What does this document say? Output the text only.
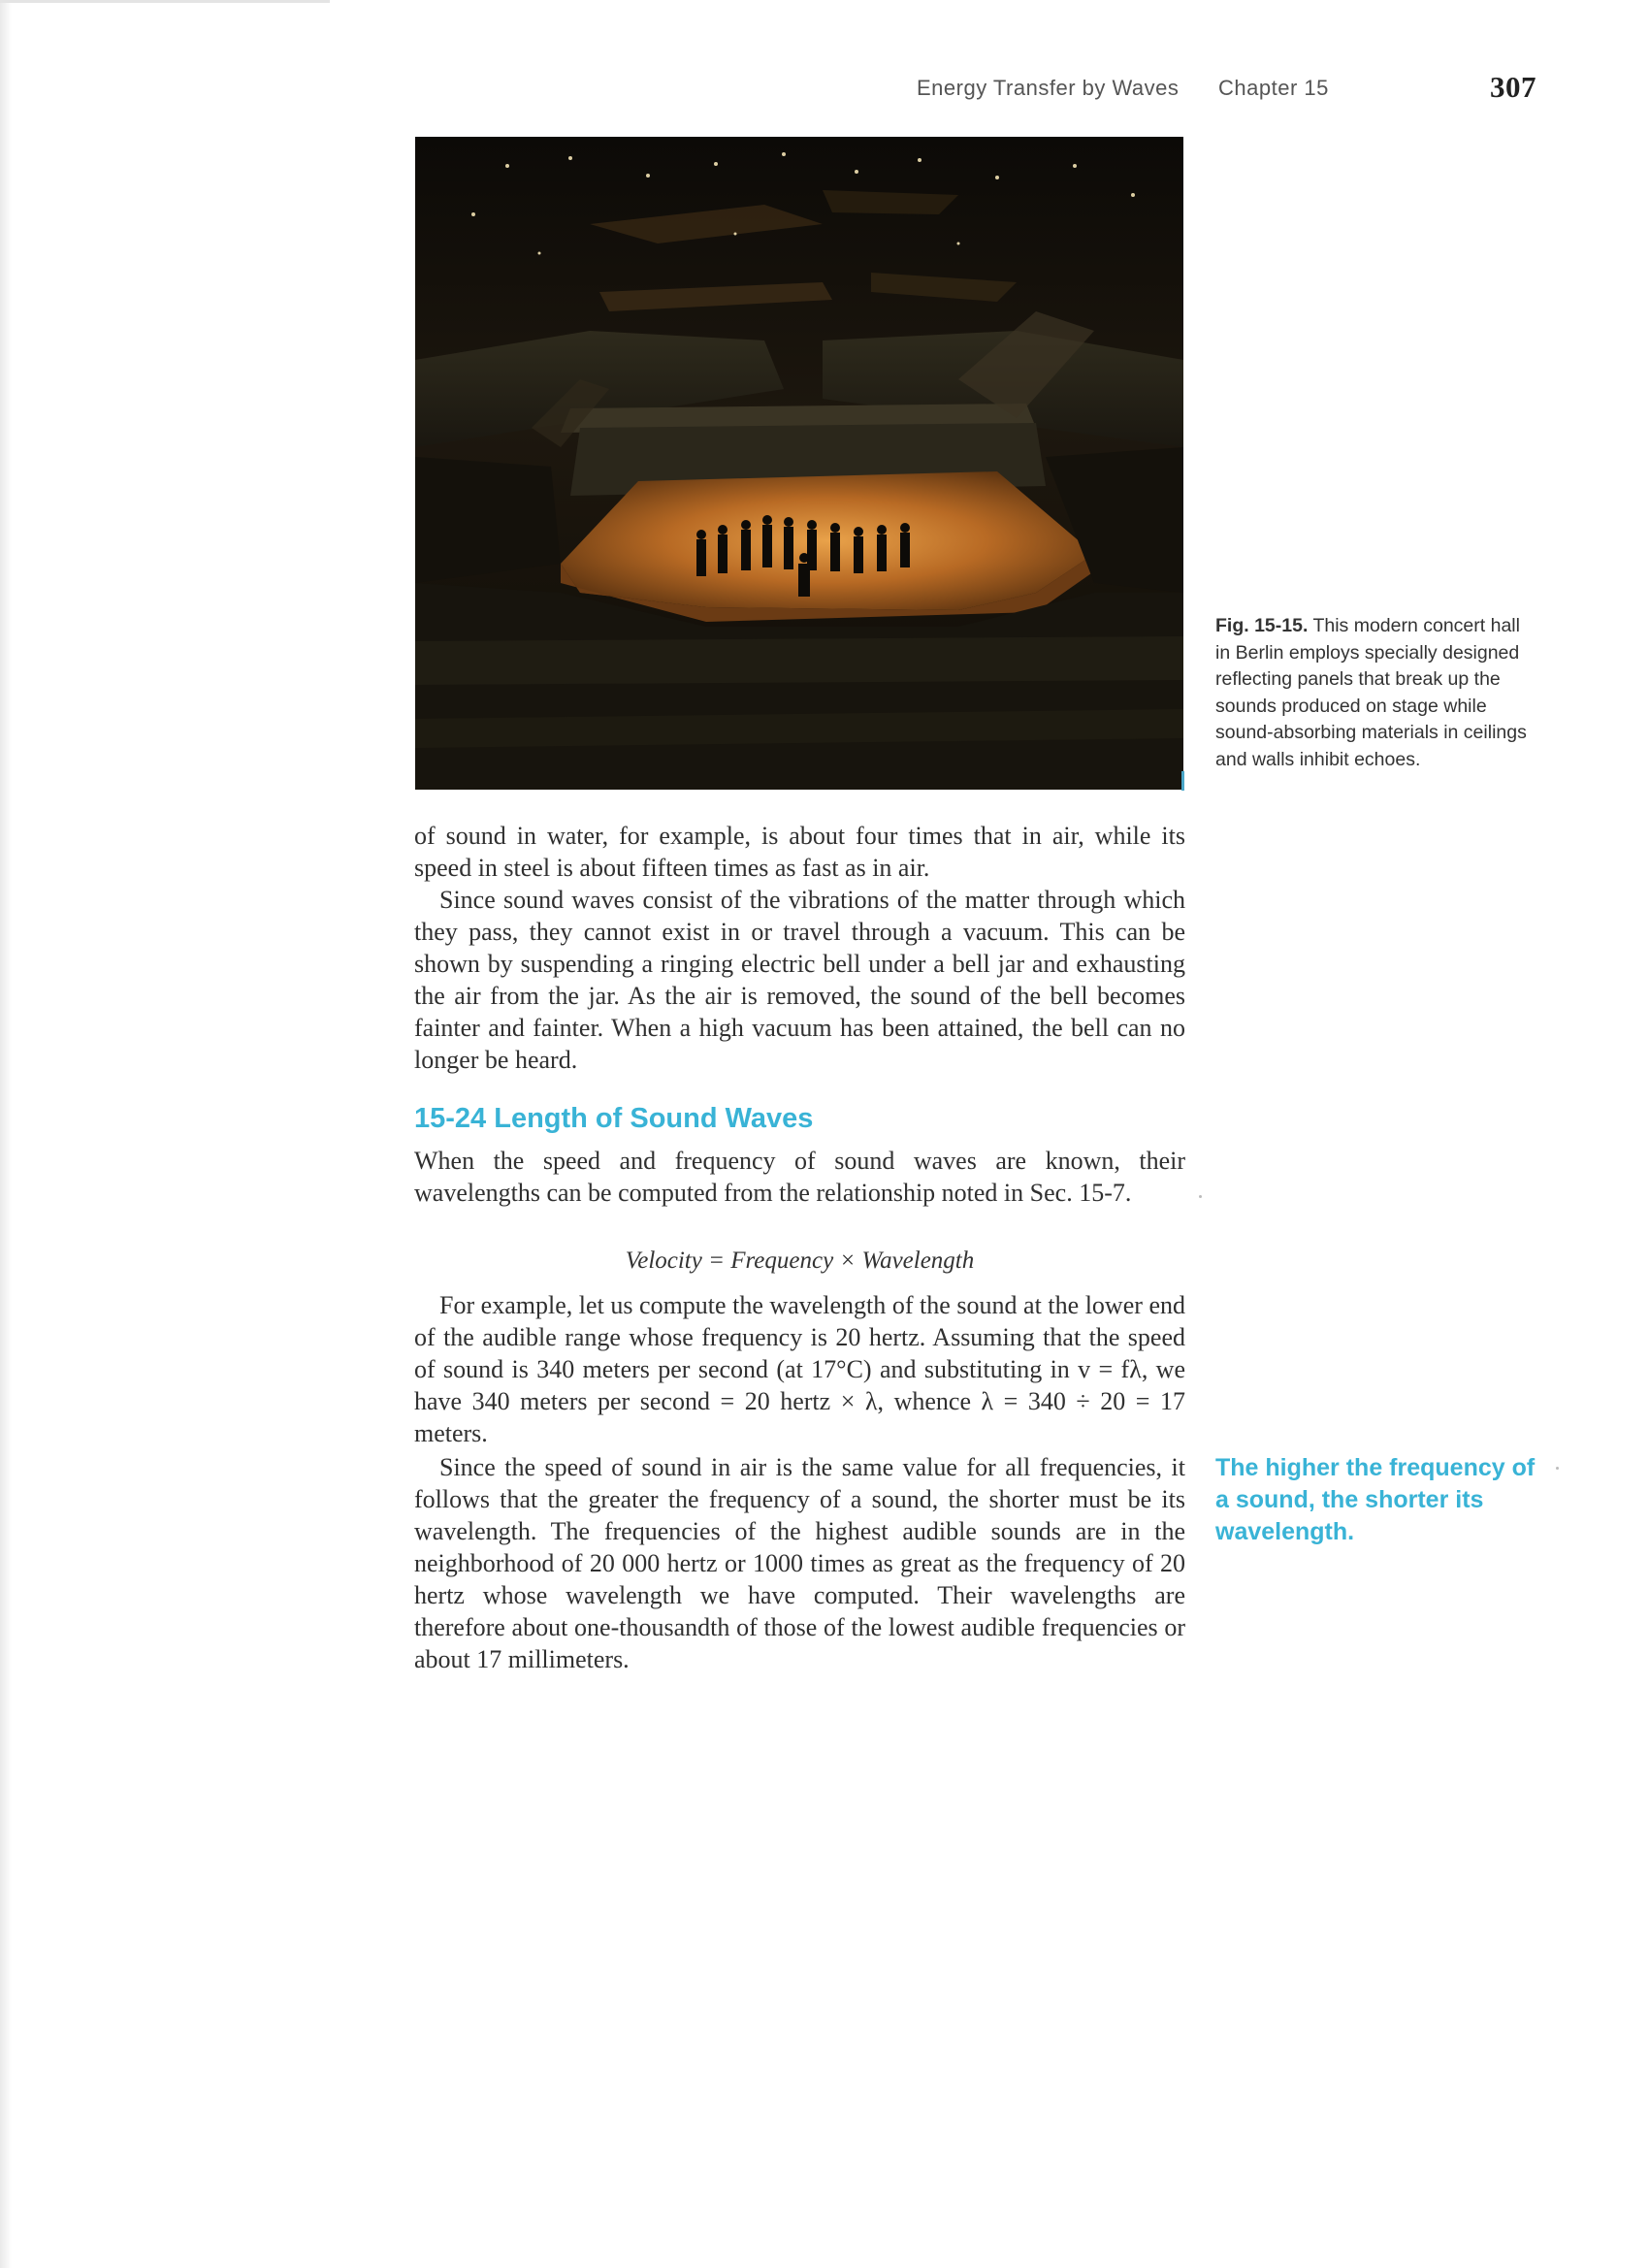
Energy Transfer by Waves Chapter 15	307
Fig. 15-15. This modern concert hall in Berlin employs specially designed reflecting panels that break up the sounds produced on stage while sound-absorbing materials in ceilings and walls inhibit echoes.

of sound in water, for example, is about four times that in air, while its speed in steel is about fifteen times as fast as in air.

Since sound waves consist of the vibrations of the matter through which they pass, they cannot exist in or travel through a vacuum. This can be shown by suspending a ringing electric bell under a bell jar and exhausting the air from the jar. As the air is removed, the sound of the bell becomes fainter and fainter. When a high vacuum has been attained, the bell can no longer be heard.

15-24 Length of Sound Waves

When the speed and frequency of sound waves are known, their wavelengths can be computed from the relationship noted in Sec. 15-7.

Velocity = Frequency × Wavelength

For example, let us compute the wavelength of the sound at the lower end of the audible range whose frequency is 20 hertz. Assuming that the speed of sound is 340 meters per second (at 17°C) and substituting in v = fλ, we have 340 meters per second = 20 hertz × λ, whence λ = 340 ÷ 20 = 17 meters.

Since the speed of sound in air is the same value for all frequencies, it follows that the greater the frequency of a sound, the shorter must be its wavelength. The frequencies of the highest audible sounds are in the neighborhood of 20 000 hertz or 1000 times as great as the frequency of 20 hertz whose wavelength we have computed. Their wavelengths are therefore about one-thousandth of those of the lowest audible frequencies or about 17 millimeters.

The higher the frequency of a sound, the shorter its wavelength.
